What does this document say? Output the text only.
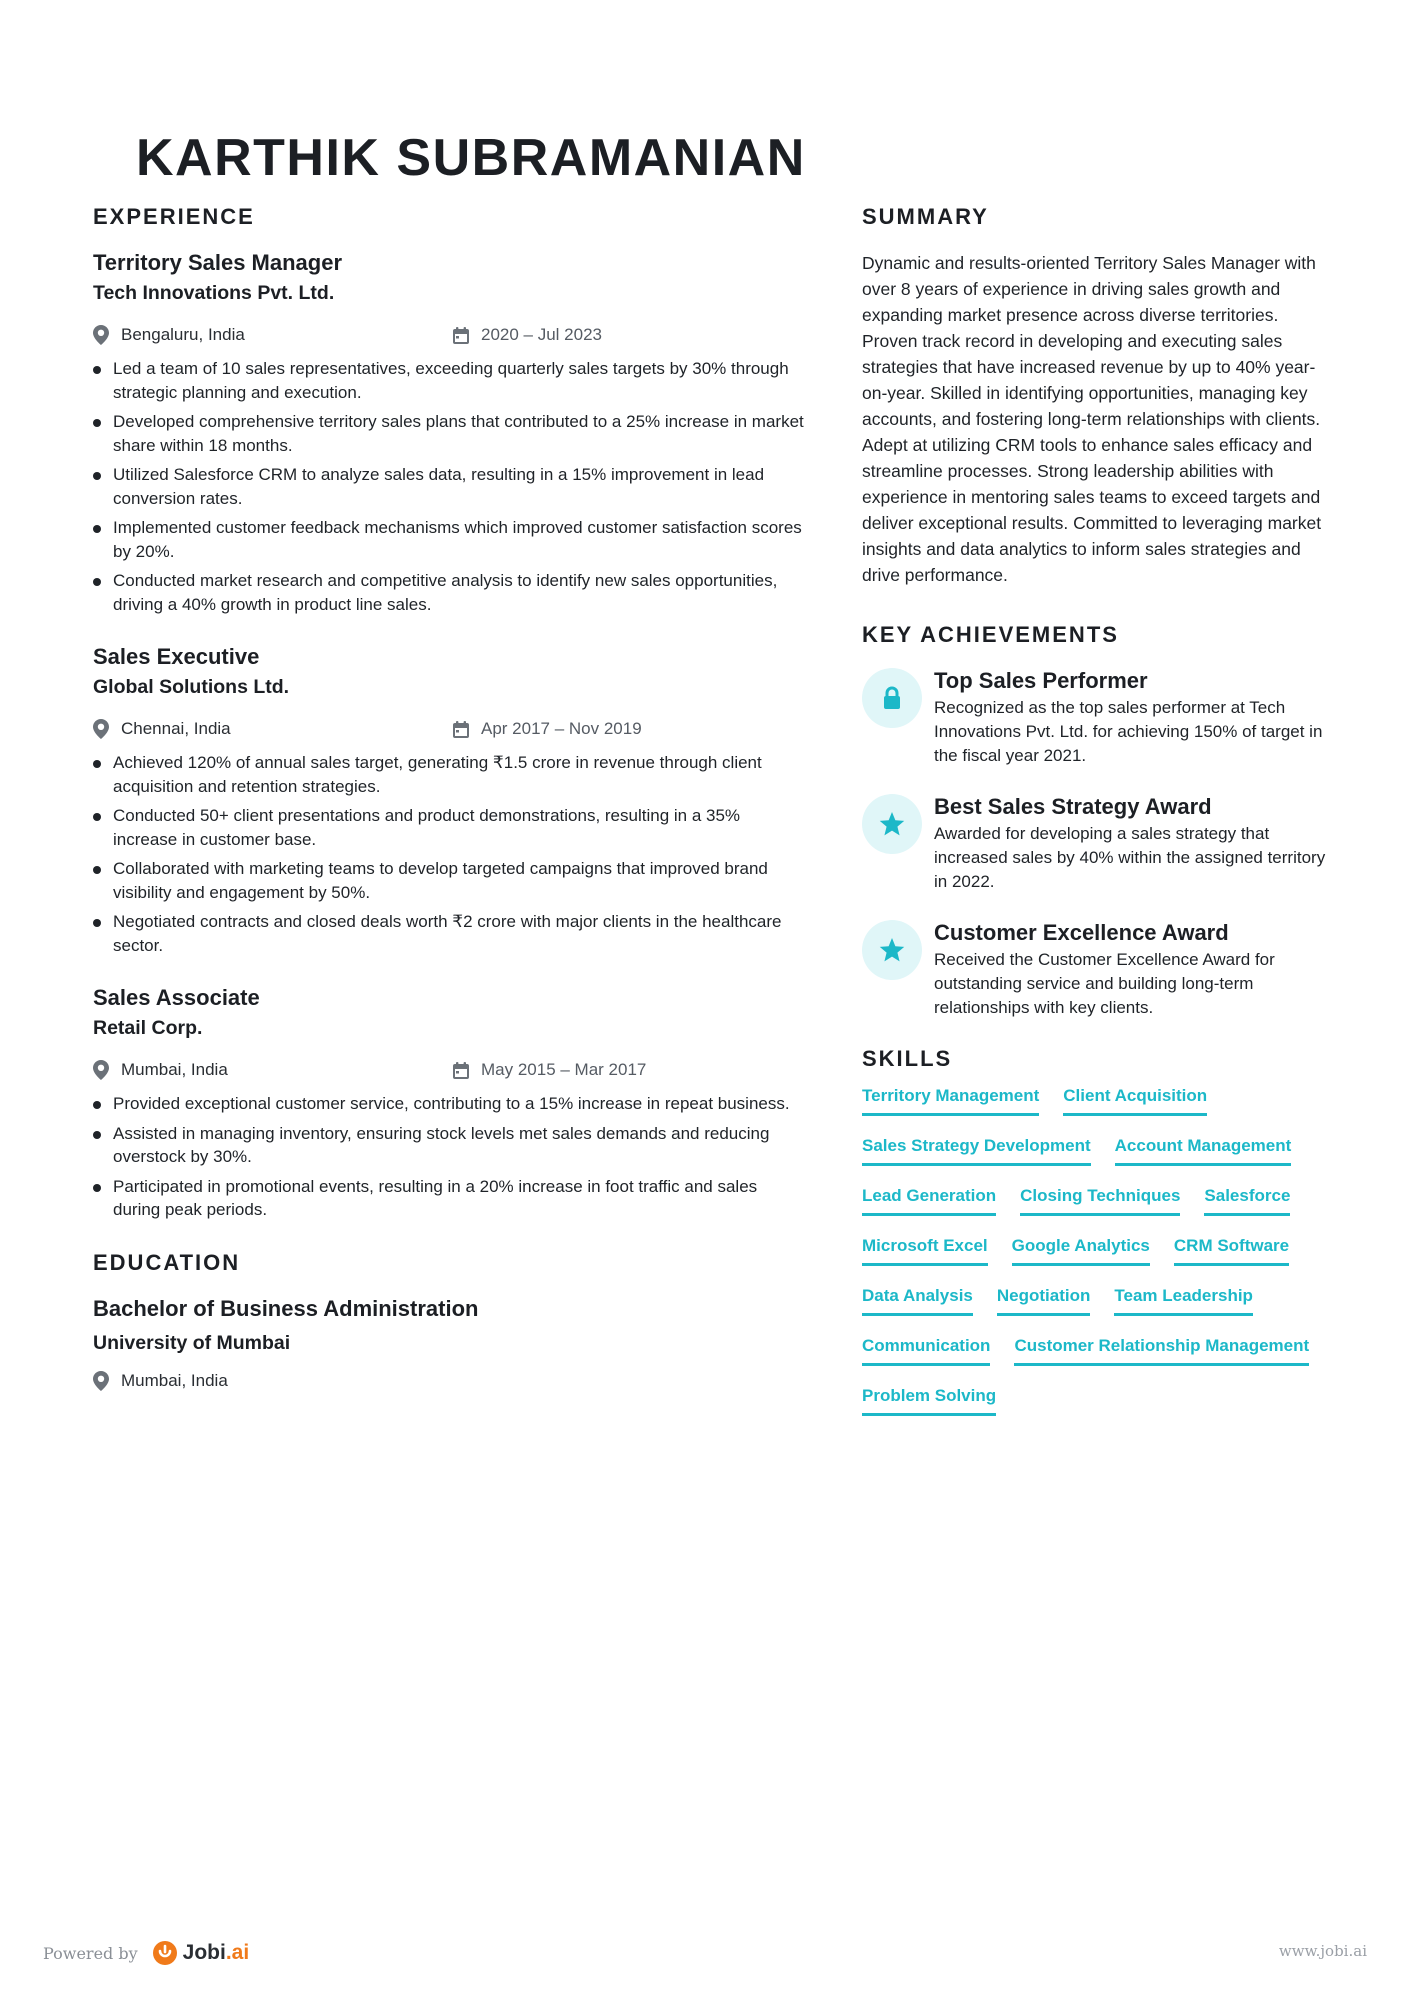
KARTHIK SUBRAMANIAN
EXPERIENCE
Territory Sales Manager
Tech Innovations Pvt. Ltd.
Bengaluru, India	2020 – Jul 2023
Led a team of 10 sales representatives, exceeding quarterly sales targets by 30% through strategic planning and execution.
Developed comprehensive territory sales plans that contributed to a 25% increase in market share within 18 months.
Utilized Salesforce CRM to analyze sales data, resulting in a 15% improvement in lead conversion rates.
Implemented customer feedback mechanisms which improved customer satisfaction scores by 20%.
Conducted market research and competitive analysis to identify new sales opportunities, driving a 40% growth in product line sales.
Sales Executive
Global Solutions Ltd.
Chennai, India	Apr 2017 – Nov 2019
Achieved 120% of annual sales target, generating ₹1.5 crore in revenue through client acquisition and retention strategies.
Conducted 50+ client presentations and product demonstrations, resulting in a 35% increase in customer base.
Collaborated with marketing teams to develop targeted campaigns that improved brand visibility and engagement by 50%.
Negotiated contracts and closed deals worth ₹2 crore with major clients in the healthcare sector.
Sales Associate
Retail Corp.
Mumbai, India	May 2015 – Mar 2017
Provided exceptional customer service, contributing to a 15% increase in repeat business.
Assisted in managing inventory, ensuring stock levels met sales demands and reducing overstock by 30%.
Participated in promotional events, resulting in a 20% increase in foot traffic and sales during peak periods.
EDUCATION
Bachelor of Business Administration
University of Mumbai
Mumbai, India
SUMMARY

Dynamic and results-oriented Territory Sales Manager with over 8 years of experience in driving sales growth and expanding market presence across diverse territories. Proven track record in developing and executing sales strategies that have increased revenue by up to 40% year-on-year. Skilled in identifying opportunities, managing key accounts, and fostering long-term relationships with clients. Adept at utilizing CRM tools to enhance sales efficacy and streamline processes. Strong leadership abilities with experience in mentoring sales teams to exceed targets and deliver exceptional results. Committed to leveraging market insights and data analytics to inform sales strategies and drive performance.

KEY ACHIEVEMENTS
Top Sales Performer

Recognized as the top sales performer at Tech Innovations Pvt. Ltd. for achieving 150% of target in the fiscal year 2021.

Best Sales Strategy Award

Awarded for developing a sales strategy that increased sales by 40% within the assigned territory in 2022.

Customer Excellence Award

Received the Customer Excellence Award for outstanding service and building long-term relationships with key clients.

SKILLS
Territory Management Client Acquisition
Sales Strategy Development Account Management
Lead Generation Closing Techniques Salesforce
Microsoft Excel Google Analytics CRM Software
Data Analysis Negotiation Team Leadership
Communication Customer Relationship Management
Problem Solving
Powered by Jobi .ai	www.jobi.ai
